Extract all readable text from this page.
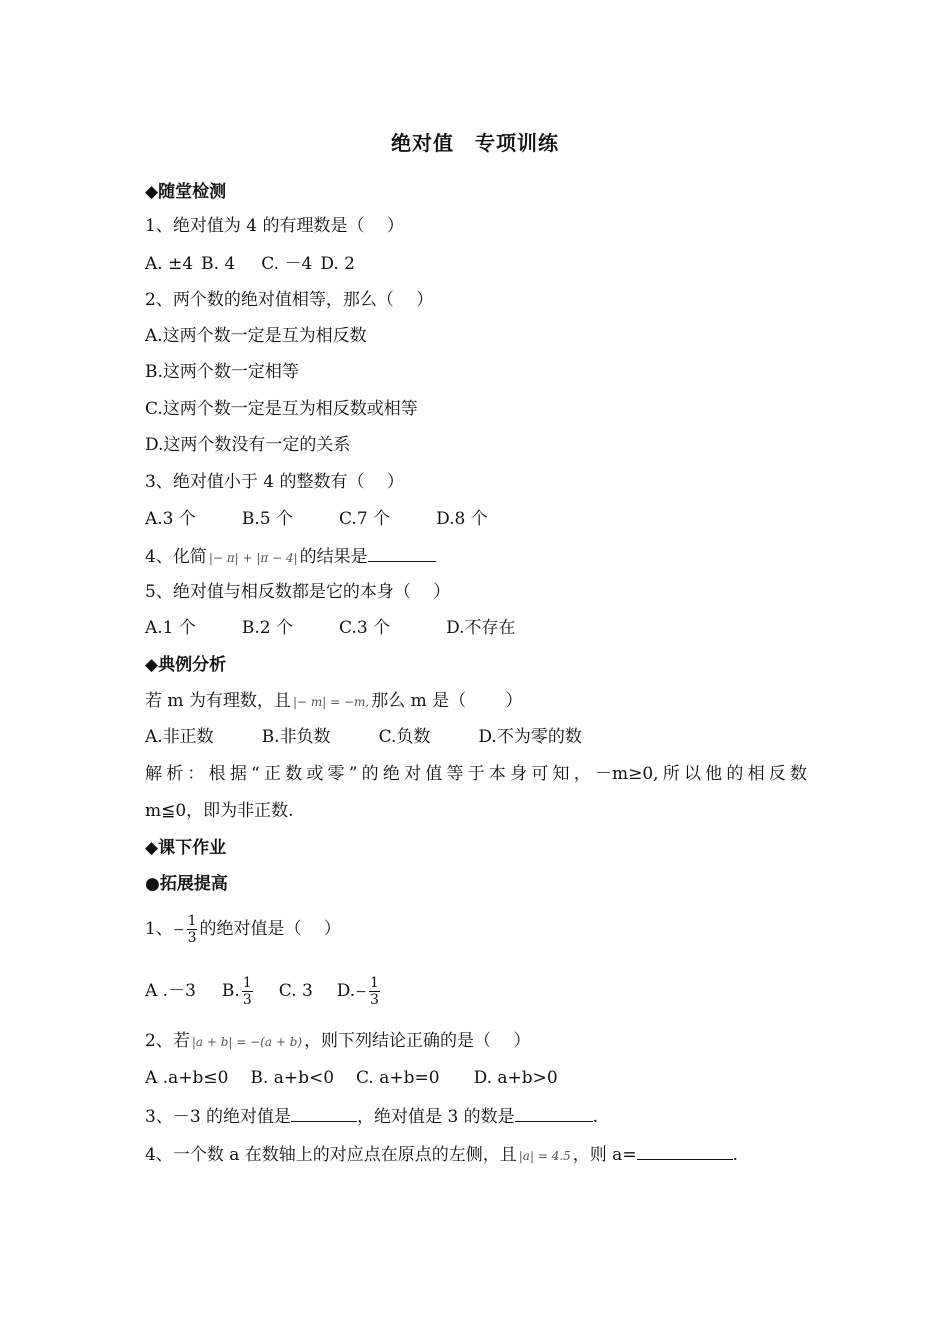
绝对值　专项训练
◆随堂检测
1、绝对值为 4 的有理数是（　 ）
A. ±4 B. 4 C. －4 D. 2
2、两个数的绝对值相等，那么（　 ）
A.这两个数一定是互为相反数
B.这两个数一定相等
C.这两个数一定是互为相反数或相等
D.这两个数没有一定的关系
3、绝对值小于 4 的整数有（　 ）
A.3 个	B.5 个	C.7 个	D.8 个
4、化简 |− π| + |π − 4| 的结果是
5、绝对值与相反数都是它的本身（　 ）
A.1 个	B.2 个	C.3 个	D.不存在
◆典例分析
若 m 为有理数，且 |− m| = −m, 那么 m 是（　 　）
A.非正数	B.非负数	C.负数	D.不为零的数
解析：根据“正数或零”的绝对值等于本身可知，－m≥0,所以他的相反数
m≦0，即为非正数.
◆课下作业
●拓展提高
1、− $\frac{1}{3}$ 的绝对值是（　 ）
A .－3 B. $\frac{1}{3} C$. 3 $D.- \frac{1}{3}$
2、若 |a + b| = −(a + b) ，则下列结论正确的是（　 ）
A .a+b≤0 B. a+b<0 C. a+b=0 D. a+b>0
3、－3 的绝对值是	，绝对值是 3 的数是	.
4、一个数 a 在数轴上的对应点在原点的左侧，且 |a| = 4.5 ，则 a=	.
